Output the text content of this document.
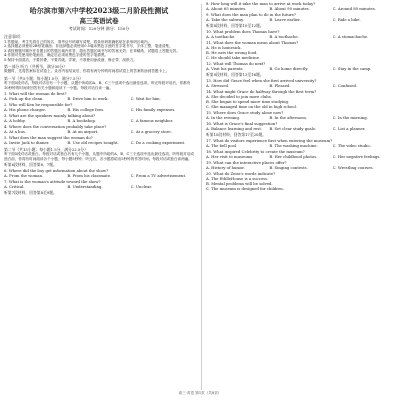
哈尔滨市第六中学校2023级二月阶段性测试
高三英语试卷
考试时间：120分钟 满分：150分
注意事项：
1.答题前，考生先将自己的姓名、准考证号码填写清楚，将条形码准确粘贴在条形码区域内。
2.选择题必须使用2B铅笔填涂；非选择题必须使用0.5毫米黑色字迹的签字笔书写，字体工整、笔迹清楚。
3.请按照题号顺序在各题目的答题区域内作答，超出答题区域书写的答案无效；在草稿纸、试题卷上答题无效。
4.作图可先使用铅笔画出，确定后必须用黑色字迹的签字笔描黑。
5.保持卡面清洁，不要折叠，不要弄破、弄皱，不准使用涂改液、修正带、刮纸刀。
第一部分 听力（共两节，满分30分）
做题时，先将答案标在试卷上。录音内容结束后，你将有两分钟的时间将试卷上的答案转涂到答题卡上。
第一节（共5小题；每小题1.5分，满分7.5分）
听下面5段对话。每段对话后有一个小题，从题中所给的A、B、C三个选项中选出最佳选项。听完每段对话后，你都有10秒钟的时间来回答有关小题和阅读下一小题。每段对话仅读一遍。
1. What will the woman do first?
A. Pick up the clean.	B. Drive him to work.	C. Wait for him.
2. Who will Ken be responsible for?
A. His phone charger.	B. His college fees.	C. His family expenses.
3. What are the speakers mainly talking about?
A. A hobby.	B. A bookshop.	C. A famous neighbor.
4. Where does the conversation probably take place?
A. At a bus.	B. At an airport.	C. At a grocery store.
5. What does the man suggest the woman do?
A. Invite Jack to dinner.	B. Use old recipes tonight.	C. Do a cooking experiment.
第二节（共15小题；每小题1.5分，满分22.5分）
听下面5段对话或独白。每段对话或独白后有几个小题，从题中所给的A、B、C三个选项中选出最佳选项。听每段对话或独白前，你将有时间阅读各个小题，每小题5秒钟；听完后，各小题将给出5秒钟的作答时间。每段对话或独白读两遍。
听第6段材料，回答第6、7题。
6. Where did the boy get information about the show?
A. From the woman.	B. From his classmate.	C. From a TV advertisement.
7. What is the woman's attitude toward the show?
A. Critical.	B. Understanding.	C. Unclear.
听第7段材料，回答第8至9题。
8. How long will it take the man to arrive at work today?
A. About 65 minutes.	B. About 90 minutes.	C. Around 80 minutes.
9. What does the man plan to do in the future?
A. Take the subway.	B. Leave earlier.	C. Ride a bike.
听第8段材料，回答第10至12题。
10. What problem does Thomas have?
A. A toothache.	B. A toothache.	C. A stomachache.
11. What does the woman mean about Thomas?
A. He is homesick.
B. He eats the wrong food.
C. He should take medicine.
12. What will Thomas do next?
A. Visit his parents.	B. Go home directly.	C. Stay in the camp.
听第9段材料，回答第13至16题。
13. How did Grace feel when she first arrived university?
A. Stressed.	B. Pleased.	C. Confused.
14. What might Grace do halfway through the first term?
A. She decided to join more clubs.
B. She began to spend more time studying.
C. She managed time on the old in high school.
15. Where does Grace study alone now?
A. In the evening.	B. In the afternoon.	C. In the morning.
16. What is Grace's final suggestion?
A. Balance learning and rest.	B. Set clear study goals.	C. List a planner.
听第10段材料，回答第17至20题。
17. What do visitors experience first when entering the museum?
A. The bell pool.	B. The washing machine.	C. The video studio.
18. What inspired Celebrity to create the museum?
A. Her visit to museums.	B. Her childhood photos.	C. Her negative feelings.
19. What can the interactive places offer?
A. History of humor.	B. Singing contests.	C. Wrestling courses.
20. What do Zeiss's words indicate?
A. The EthlleHouse is a success.
B. Mental problems will be solved.
C. The museum is designed for children.
高三·英语 第1页（共8页）
